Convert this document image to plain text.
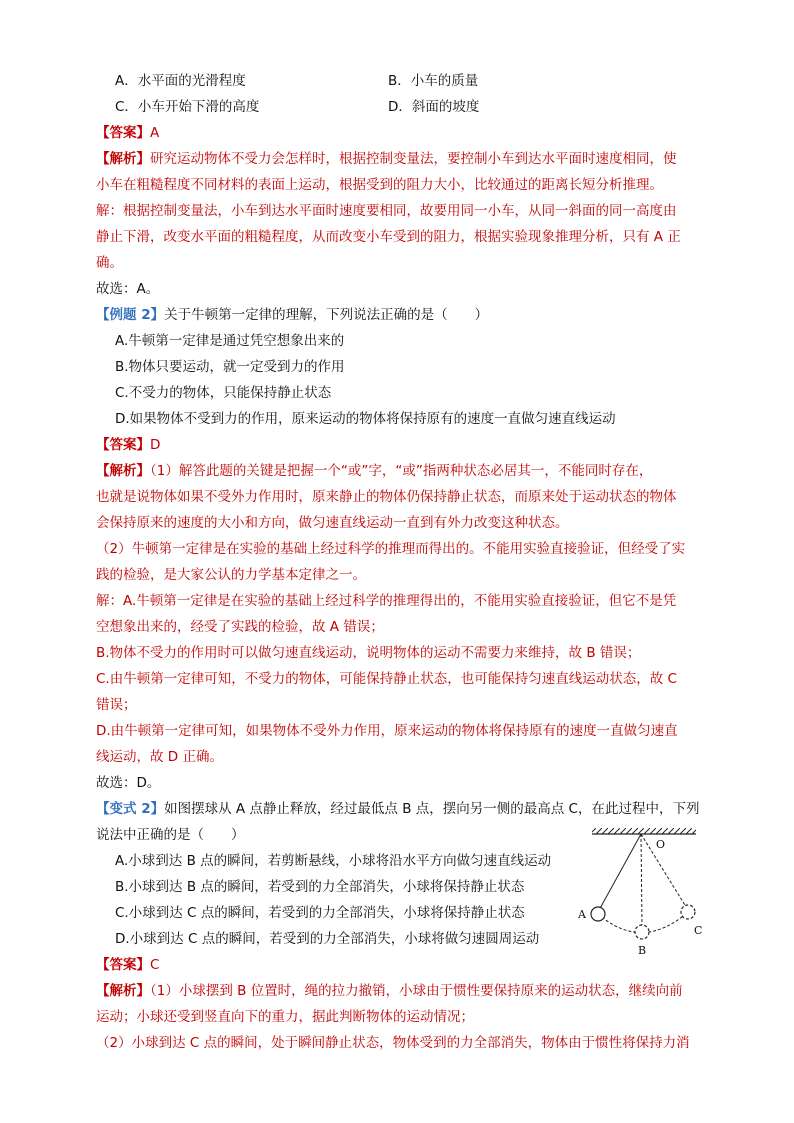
A．水平面的光滑程度	B．小车的质量
C．小车开始下滑的高度	D．斜面的坡度
【答案】A
【解析】研究运动物体不受力会怎样时，根据控制变量法，要控制小车到达水平面时速度相同，使
小车在粗糙程度不同材料的表面上运动，根据受到的阻力大小，比较通过的距离长短分析推理。
解：根据控制变量法，小车到达水平面时速度要相同，故要用同一小车，从同一斜面的同一高度由
静止下滑，改变水平面的粗糙程度，从而改变小车受到的阻力，根据实验现象推理分析，只有 A 正
确。
故选：A。
【例题 2】关于牛顿第一定律的理解，下列说法正确的是（　　）
A.牛顿第一定律是通过凭空想象出来的
B.物体只要运动，就一定受到力的作用
C.不受力的物体，只能保持静止状态
D.如果物体不受到力的作用，原来运动的物体将保持原有的速度一直做匀速直线运动
【答案】D
【解析】（1）解答此题的关键是把握一个“或”字，“或”指两种状态必居其一，不能同时存在，
也就是说物体如果不受外力作用时，原来静止的物体仍保持静止状态，而原来处于运动状态的物体
会保持原来的速度的大小和方向，做匀速直线运动一直到有外力改变这种状态。
（2）牛顿第一定律是在实验的基础上经过科学的推理而得出的。不能用实验直接验证，但经受了实
践的检验，是大家公认的力学基本定律之一。
解：A.牛顿第一定律是在实验的基础上经过科学的推理得出的，不能用实验直接验证，但它不是凭
空想象出来的，经受了实践的检验，故 A 错误；
B.物体不受力的作用时可以做匀速直线运动，说明物体的运动不需要力来维持，故 B 错误；
C.由牛顿第一定律可知，不受力的物体，可能保持静止状态，也可能保持匀速直线运动状态，故 C
错误；
D.由牛顿第一定律可知，如果物体不受外力作用，原来运动的物体将保持原有的速度一直做匀速直
线运动，故 D 正确。
故选：D。
【变式 2】如图摆球从 A 点静止释放，经过最低点 B 点，摆向另一侧的最高点 C，在此过程中，下列
说法中正确的是（　　）
A.小球到达 B 点的瞬间，若剪断悬线，小球将沿水平方向做匀速直线运动
B.小球到达 B 点的瞬间，若受到的力全部消失，小球将保持静止状态
C.小球到达 C 点的瞬间，若受到的力全部消失，小球将保持静止状态
D.小球到达 C 点的瞬间，若受到的力全部消失，小球将做匀速圆周运动
O
A
B
C
【答案】C
【解析】（1）小球摆到 B 位置时，绳的拉力撤销，小球由于惯性要保持原来的运动状态，继续向前
运动；小球还受到竖直向下的重力，据此判断物体的运动情况；
（2）小球到达 C 点的瞬间，处于瞬间静止状态，物体受到的力全部消失，物体由于惯性将保持力消
